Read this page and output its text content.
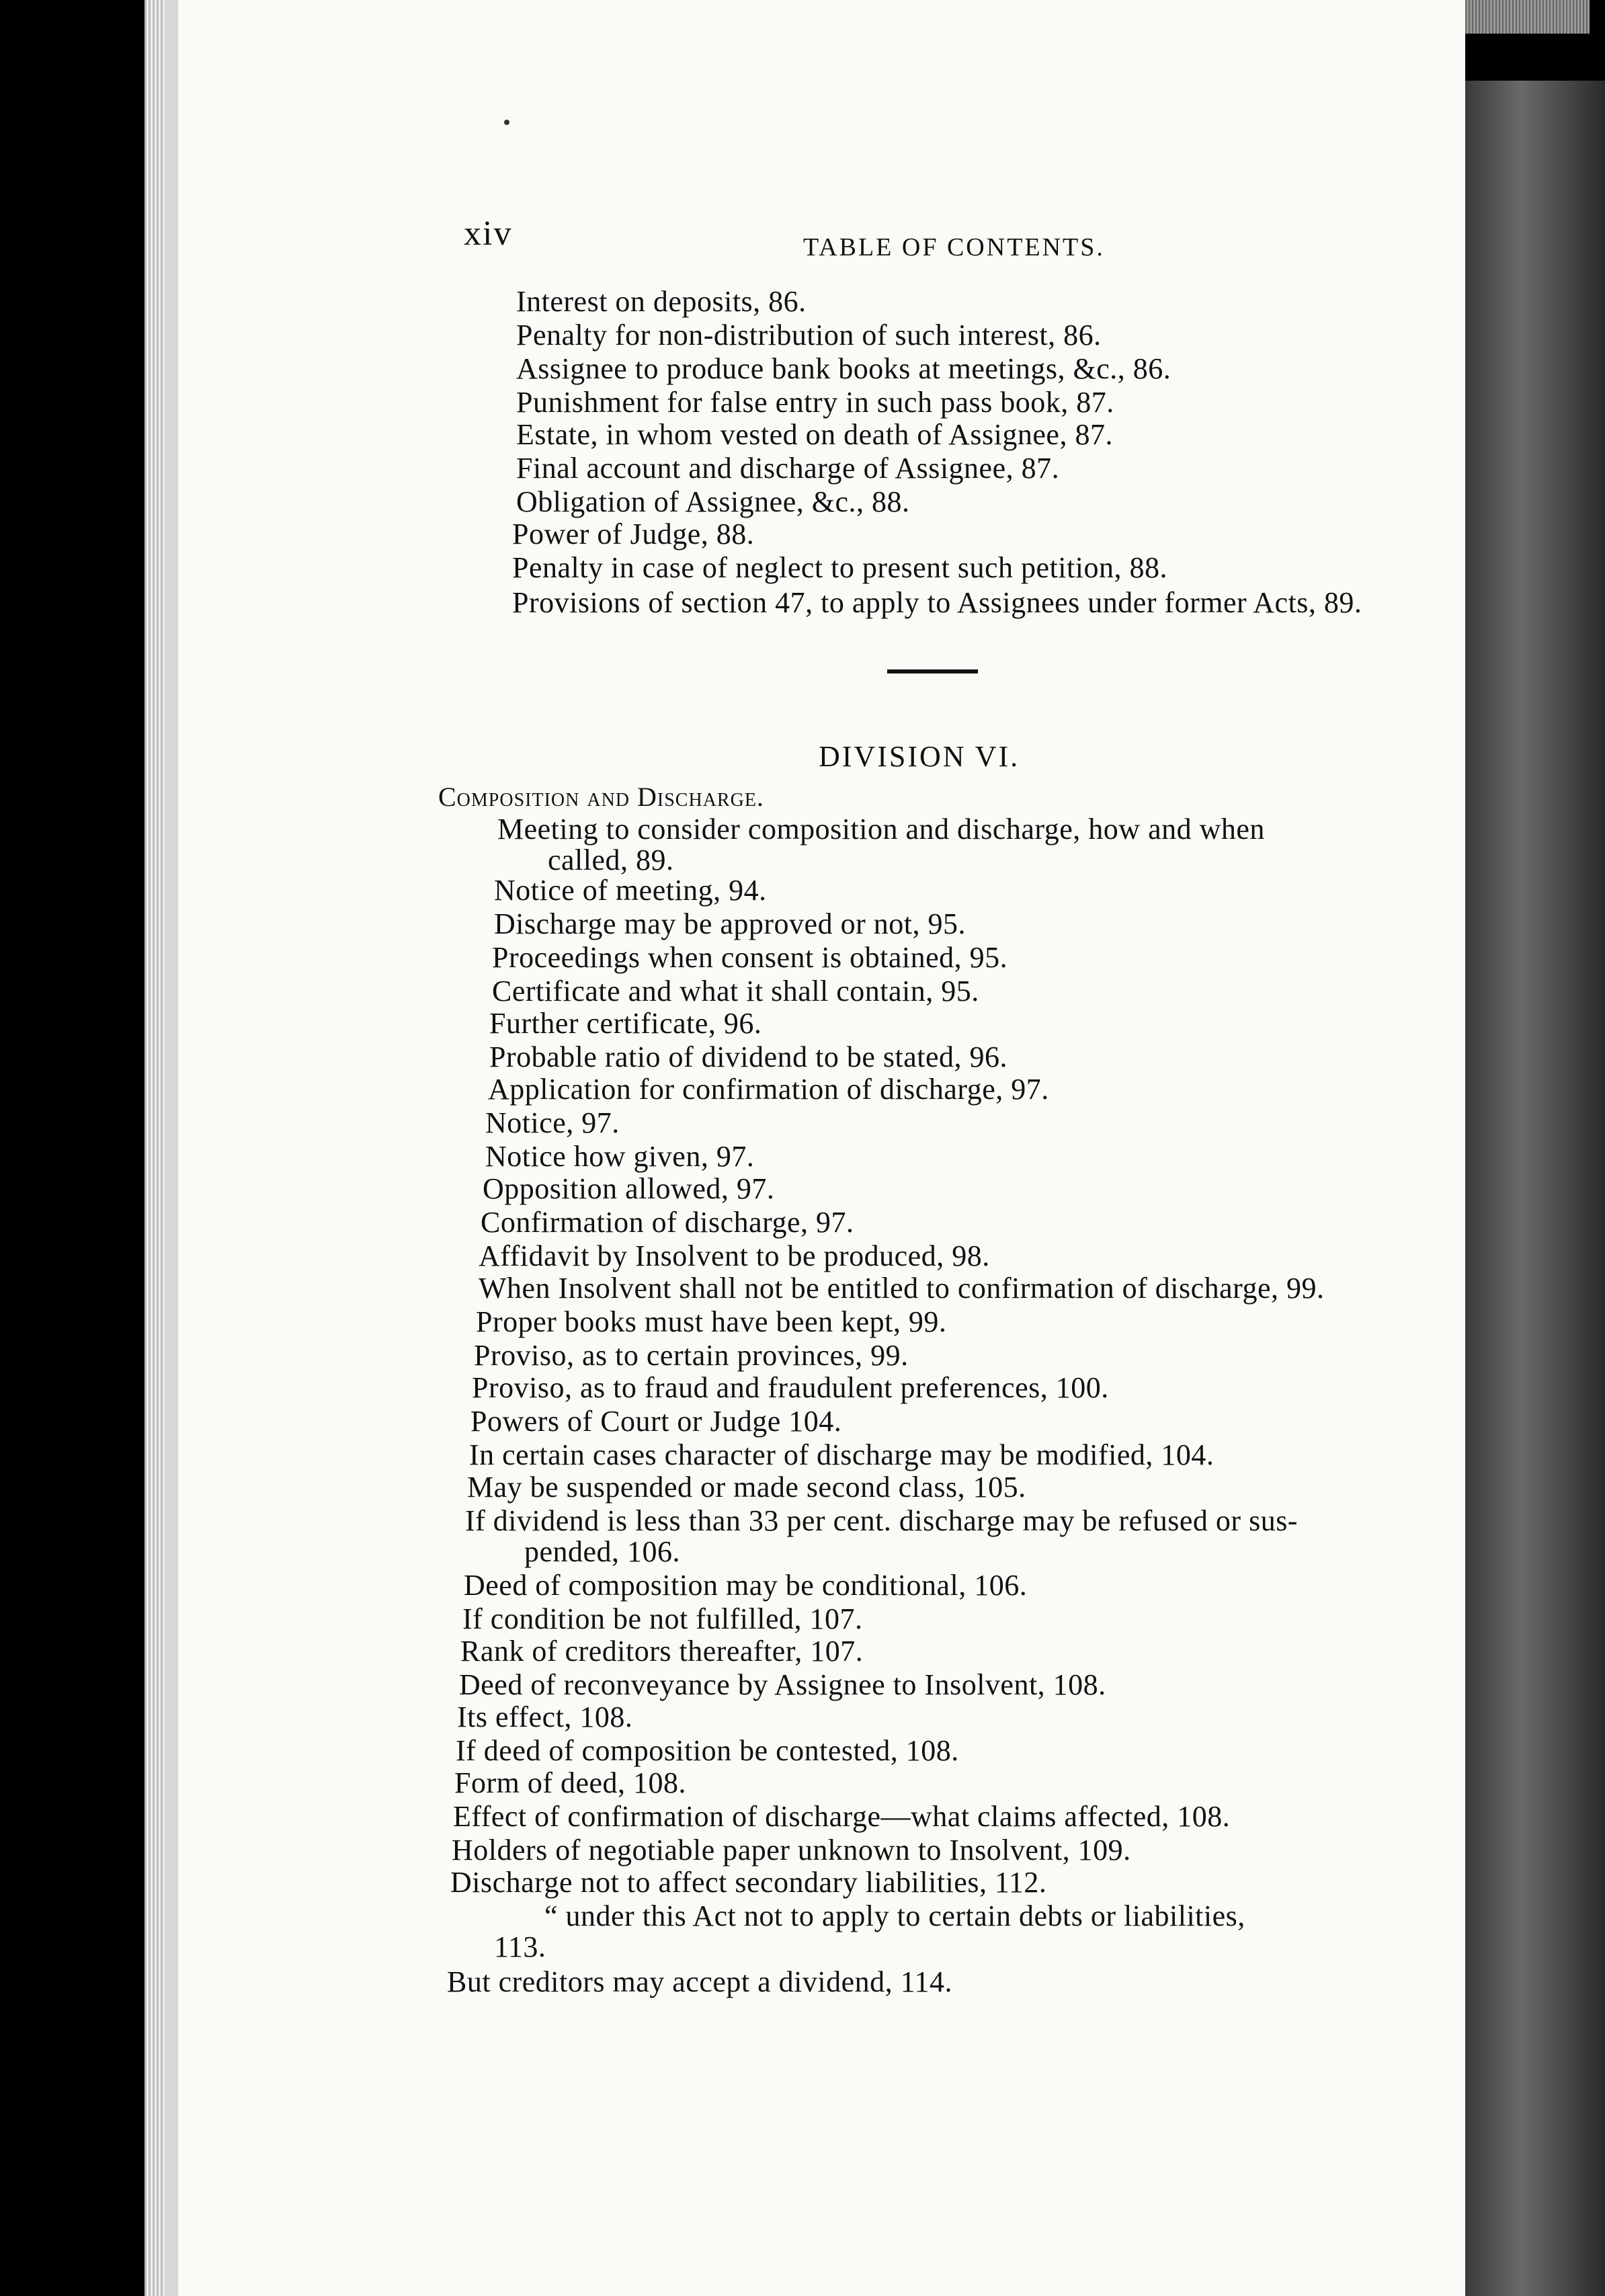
xiv	TABLE OF CONTENTS.
Interest on deposits, 86.
Penalty for non-distribution of such interest, 86.
Assignee to produce bank books at meetings, &c., 86.
Punishment for false entry in such pass book, 87.
Estate, in whom vested on death of Assignee, 87.
Final account and discharge of Assignee, 87.
Obligation of Assignee, &c., 88.
Power of Judge, 88.
Penalty in case of neglect to present such petition, 88.
Provisions of section 47, to apply to Assignees under former Acts, 89.
DIVISION VI.
Composition and Discharge.
Meeting to consider composition and discharge, how and when
called, 89.
Notice of meeting, 94.
Discharge may be approved or not, 95.
Proceedings when consent is obtained, 95.
Certificate and what it shall contain, 95.
Further certificate, 96.
Probable ratio of dividend to be stated, 96.
Application for confirmation of discharge, 97.
Notice, 97.
Notice how given, 97.
Opposition allowed, 97.
Confirmation of discharge, 97.
Affidavit by Insolvent to be produced, 98.
When Insolvent shall not be entitled to confirmation of discharge, 99.
Proper books must have been kept, 99.
Proviso, as to certain provinces, 99.
Proviso, as to fraud and fraudulent preferences, 100.
Powers of Court or Judge 104.
In certain cases character of discharge may be modified, 104.
May be suspended or made second class, 105.
If dividend is less than 33 per cent. discharge may be refused or sus-
pended, 106.
Deed of composition may be conditional, 106.
If condition be not fulfilled, 107.
Rank of creditors thereafter, 107.
Deed of reconveyance by Assignee to Insolvent, 108.
Its effect, 108.
If deed of composition be contested, 108.
Form of deed, 108.
Effect of confirmation of discharge—what claims affected, 108.
Holders of negotiable paper unknown to Insolvent, 109.
Discharge not to affect secondary liabilities, 112.
“ under this Act not to apply to certain debts or liabilities,
113.
But creditors may accept a dividend, 114.
